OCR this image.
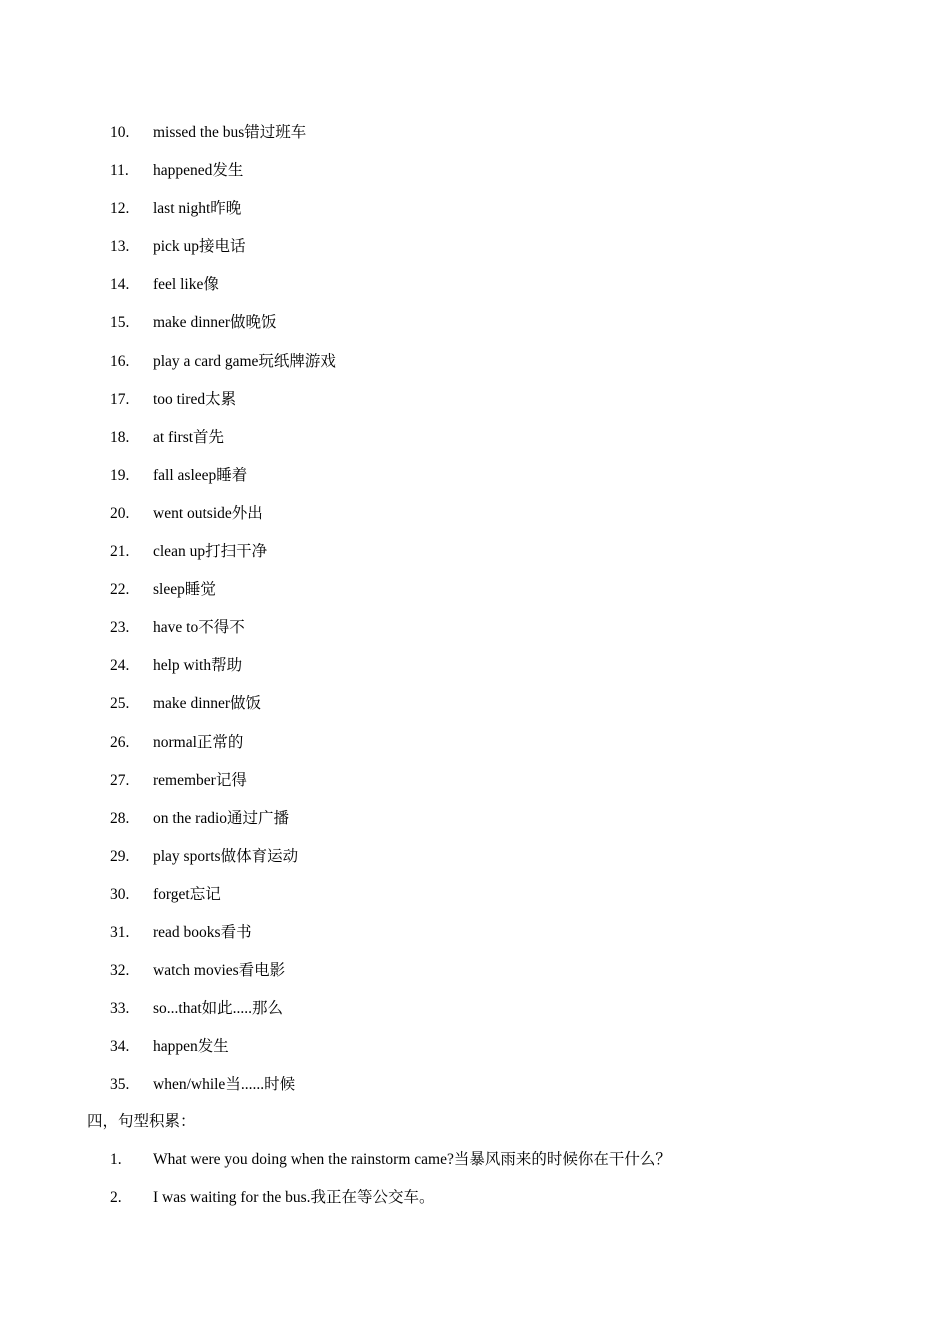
10. missed the bus错过班车
11. happened发生
12. last night昨晚
13. pick up接电话
14. feel like像
15. make dinner做晚饭
16. play a card game玩纸牌游戏
17. too tired太累
18. at first首先
19. fall asleep睡着
20. went outside外出
21. clean up打扫干净
22. sleep睡觉
23. have to不得不
24. help with帮助
25. make dinner做饭
26. normal正常的
27. remember记得
28. on the radio通过广播
29. play sports做体育运动
30. forget忘记
31. read books看书
32. watch movies看电影
33. so...that如此.....那么
34. happen发生
35. when/while当......时候
四，句型积累：
1. What were you doing when the rainstorm came?当暴风雨来的时候你在干什么？
2. I was waiting for the bus.我正在等公交车。
